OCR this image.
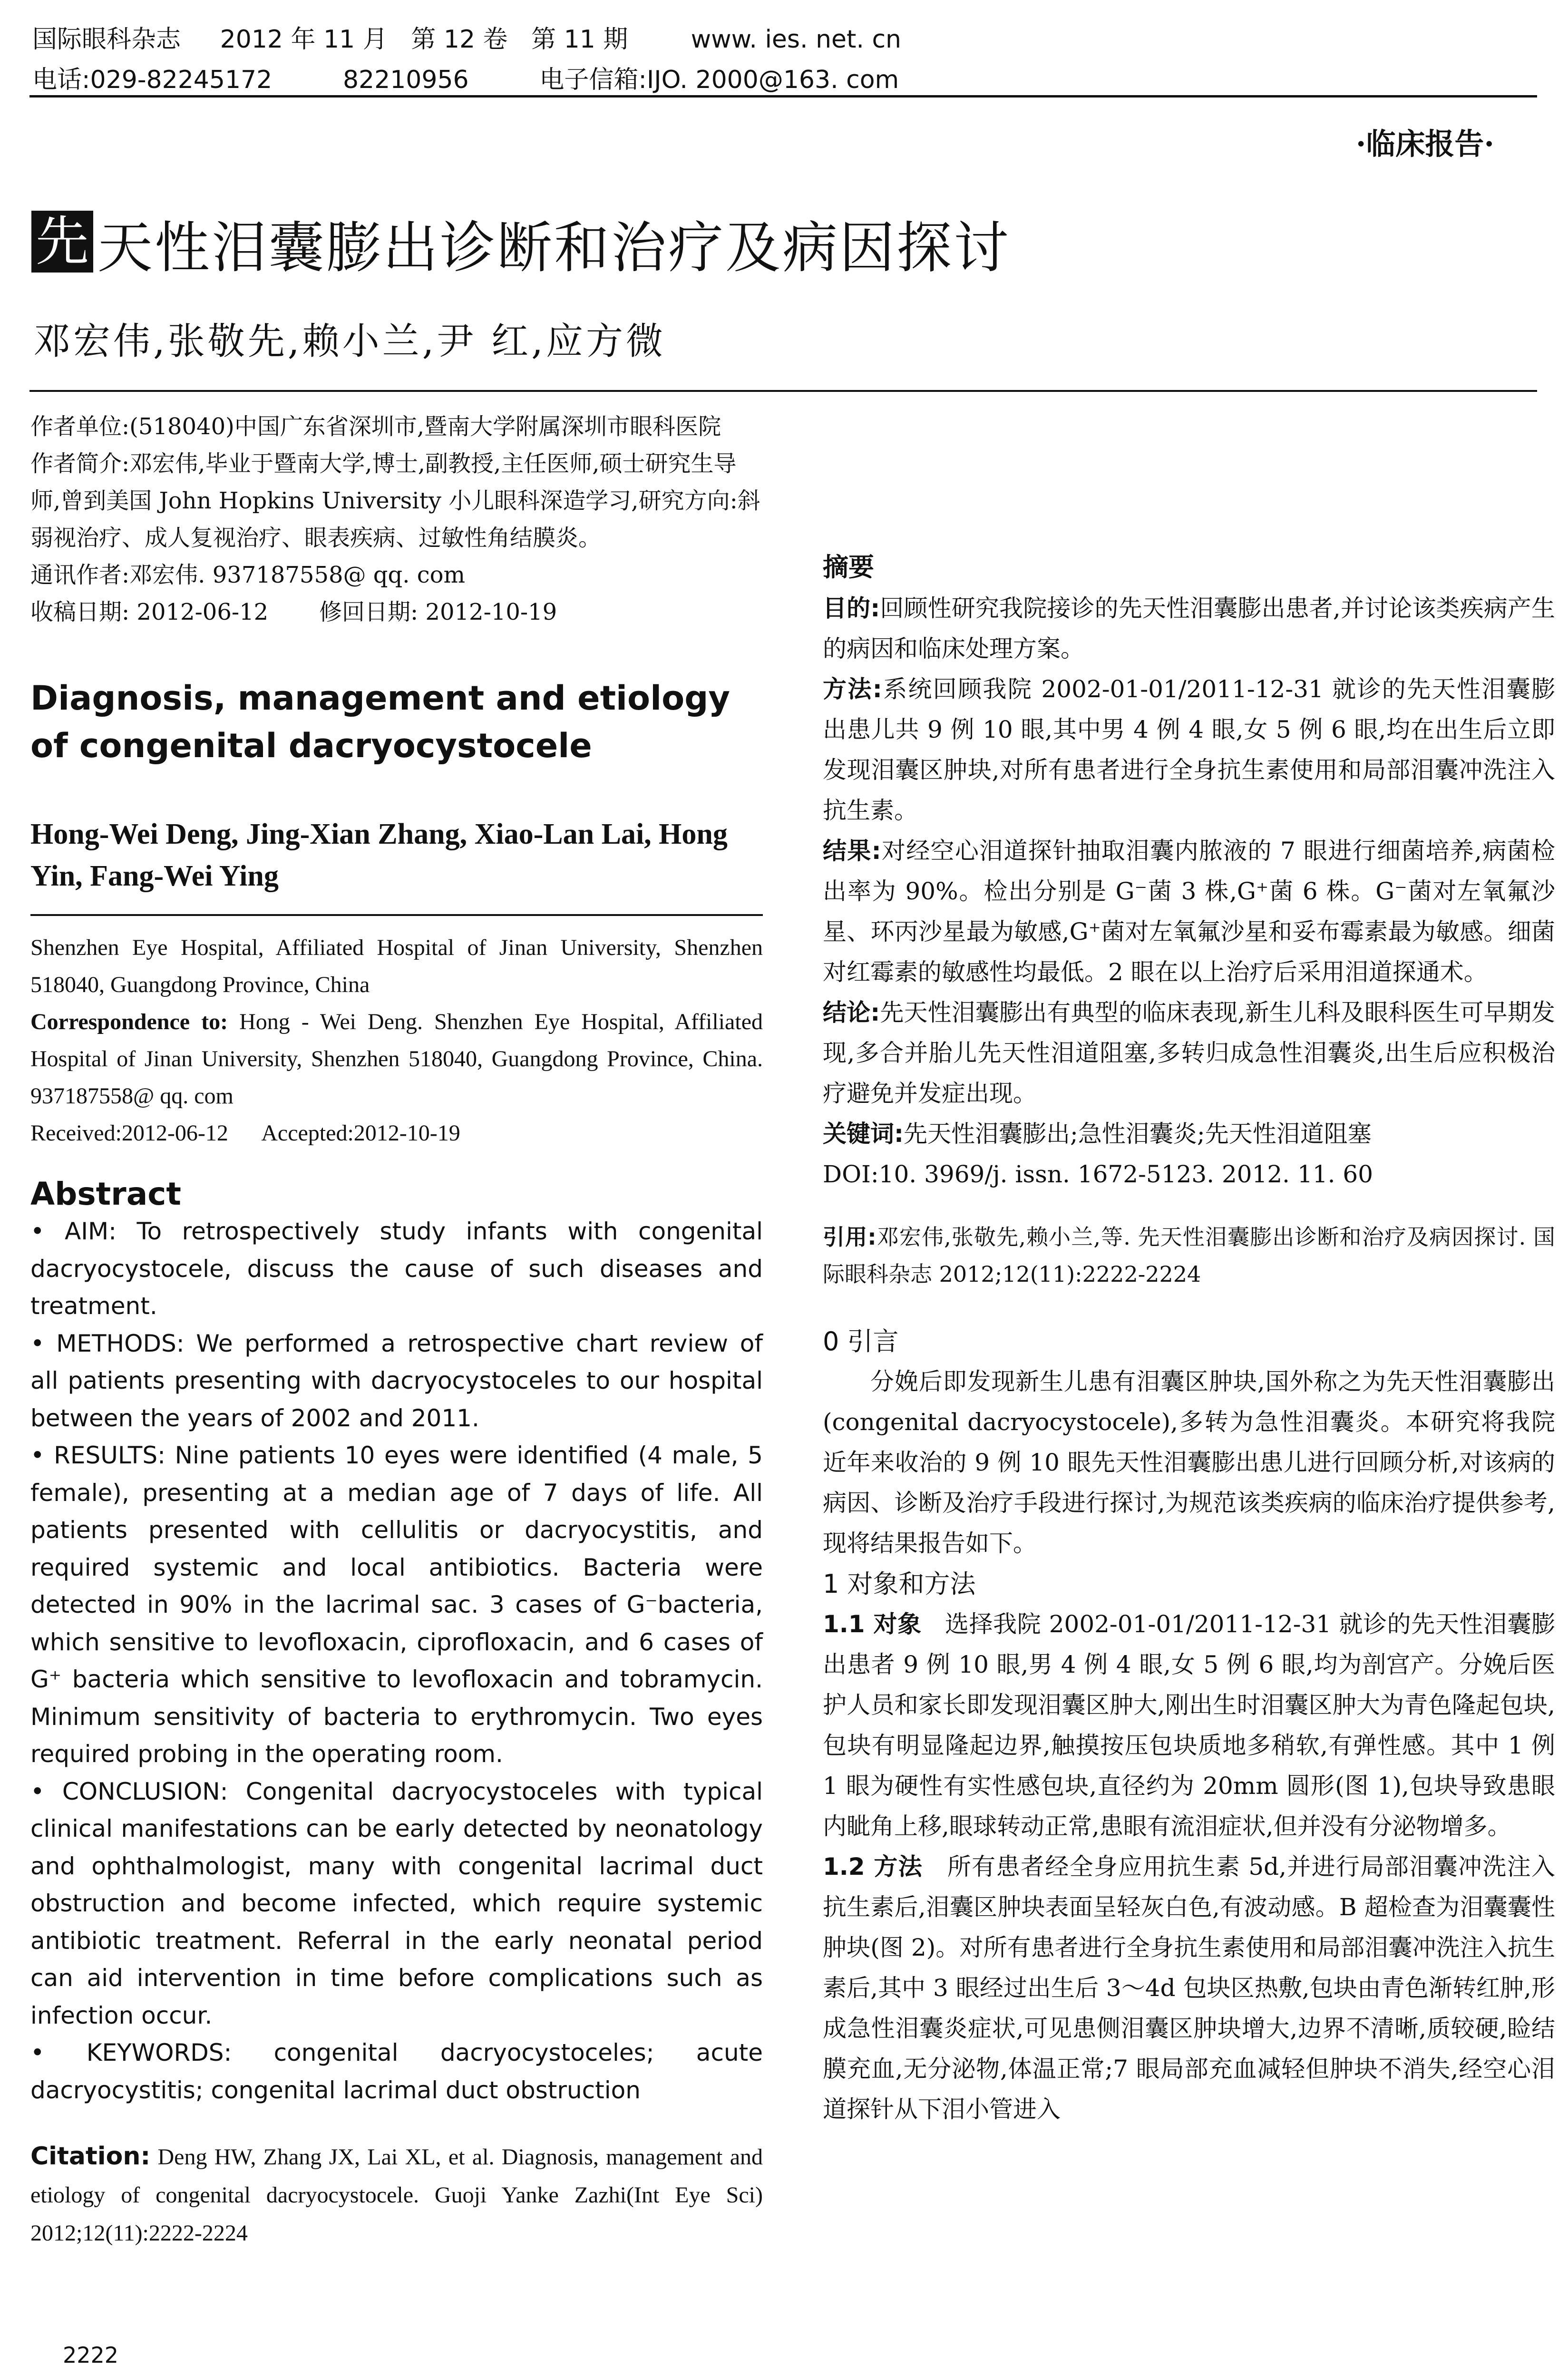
国际眼科杂志     2012 年 11 月   第 12 卷   第 11 期        www. ies. net. cn
电话:029-82245172         82210956         电子信箱:IJO. 2000@163. com
·临床报告·
先 天性泪囊膨出诊断和治疗及病因探讨
邓宏伟,张敬先,赖小兰,尹 红,应方微

作者单位:(518040)中国广东省深圳市,暨南大学附属深圳市眼科医院

作者简介:邓宏伟,毕业于暨南大学,博士,副教授,主任医师,硕士研究生导师,曾到美国 John Hopkins University 小儿眼科深造学习,研究方向:斜弱视治疗、成人复视治疗、眼表疾病、过敏性角结膜炎。

通讯作者:邓宏伟. 937187558@ qq. com

收稿日期: 2012-06-12       修回日期: 2012-10-19

Diagnosis, management and etiology of congenital dacryocystocele

Hong-Wei Deng, Jing-Xian Zhang, Xiao-Lan Lai, Hong Yin, Fang-Wei Ying

Shenzhen Eye Hospital, Affiliated Hospital of Jinan University, Shenzhen 518040, Guangdong Province, China
Correspondence to: Hong - Wei Deng. Shenzhen Eye Hospital, Affiliated Hospital of Jinan University, Shenzhen 518040, Guangdong Province, China. 937187558@ qq. com
Received:2012-06-12      Accepted:2012-10-19

Abstract

• AIM: To retrospectively study infants with congenital dacryocystocele, discuss the cause of such diseases and treatment.

• METHODS: We performed a retrospective chart review of all patients presenting with dacryocystoceles to our hospital between the years of 2002 and 2011.

• RESULTS: Nine patients 10 eyes were identified (4 male, 5 female), presenting at a median age of 7 days of life. All patients presented with cellulitis or dacryocystitis, and required systemic and local antibiotics. Bacteria were detected in 90% in the lacrimal sac. 3 cases of G⁻bacteria, which sensitive to levofloxacin, ciprofloxacin, and 6 cases of G⁺ bacteria which sensitive to levofloxacin and tobramycin. Minimum sensitivity of bacteria to erythromycin. Two eyes required probing in the operating room.

• CONCLUSION: Congenital dacryocystoceles with typical clinical manifestations can be early detected by neonatology and ophthalmologist, many with congenital lacrimal duct obstruction and become infected, which require systemic antibiotic treatment. Referral in the early neonatal period can aid intervention in time before complications such as infection occur.

• KEYWORDS: congenital dacryocystoceles; acute dacryocystitis; congenital lacrimal duct obstruction

Citation: Deng HW, Zhang JX, Lai XL, et al. Diagnosis, management and etiology of congenital dacryocystocele. Guoji Yanke Zazhi(Int Eye Sci) 2012;12(11):2222-2224

摘要

目的:回顾性研究我院接诊的先天性泪囊膨出患者,并讨论该类疾病产生的病因和临床处理方案。

方法:系统回顾我院 2002-01-01/2011-12-31 就诊的先天性泪囊膨出患儿共 9 例 10 眼,其中男 4 例 4 眼,女 5 例 6 眼,均在出生后立即发现泪囊区肿块,对所有患者进行全身抗生素使用和局部泪囊冲洗注入抗生素。

结果:对经空心泪道探针抽取泪囊内脓液的 7 眼进行细菌培养,病菌检出率为 90%。检出分别是 G⁻菌 3 株,G⁺菌 6 株。G⁻菌对左氧氟沙星、环丙沙星最为敏感,G⁺菌对左氧氟沙星和妥布霉素最为敏感。细菌对红霉素的敏感性均最低。2 眼在以上治疗后采用泪道探通术。

结论:先天性泪囊膨出有典型的临床表现,新生儿科及眼科医生可早期发现,多合并胎儿先天性泪道阻塞,多转归成急性泪囊炎,出生后应积极治疗避免并发症出现。

关键词:先天性泪囊膨出;急性泪囊炎;先天性泪道阻塞

DOI:10. 3969/j. issn. 1672-5123. 2012. 11. 60

引用:邓宏伟,张敬先,赖小兰,等. 先天性泪囊膨出诊断和治疗及病因探讨. 国际眼科杂志 2012;12(11):2222-2224

0 引言

分娩后即发现新生儿患有泪囊区肿块,国外称之为先天性泪囊膨出(congenital dacryocystocele),多转为急性泪囊炎。本研究将我院近年来收治的 9 例 10 眼先天性泪囊膨出患儿进行回顾分析,对该病的病因、诊断及治疗手段进行探讨,为规范该类疾病的临床治疗提供参考,现将结果报告如下。

1 对象和方法

1.1 对象 选择我院 2002-01-01/2011-12-31 就诊的先天性泪囊膨出患者 9 例 10 眼,男 4 例 4 眼,女 5 例 6 眼,均为剖宫产。分娩后医护人员和家长即发现泪囊区肿大,刚出生时泪囊区肿大为青色隆起包块,包块有明显隆起边界,触摸按压包块质地多稍软,有弹性感。其中 1 例 1 眼为硬性有实性感包块,直径约为 20mm 圆形(图 1),包块导致患眼内眦角上移,眼球转动正常,患眼有流泪症状,但并没有分泌物增多。

1.2 方法 所有患者经全身应用抗生素 5d,并进行局部泪囊冲洗注入抗生素后,泪囊区肿块表面呈轻灰白色,有波动感。B 超检查为泪囊囊性肿块(图 2)。对所有患者进行全身抗生素使用和局部泪囊冲洗注入抗生素后,其中 3 眼经过出生后 3～4d 包块区热敷,包块由青色渐转红肿,形成急性泪囊炎症状,可见患侧泪囊区肿块增大,边界不清晰,质较硬,睑结膜充血,无分泌物,体温正常;7 眼局部充血减轻但肿块不消失,经空心泪道探针从下泪小管进入

2222
